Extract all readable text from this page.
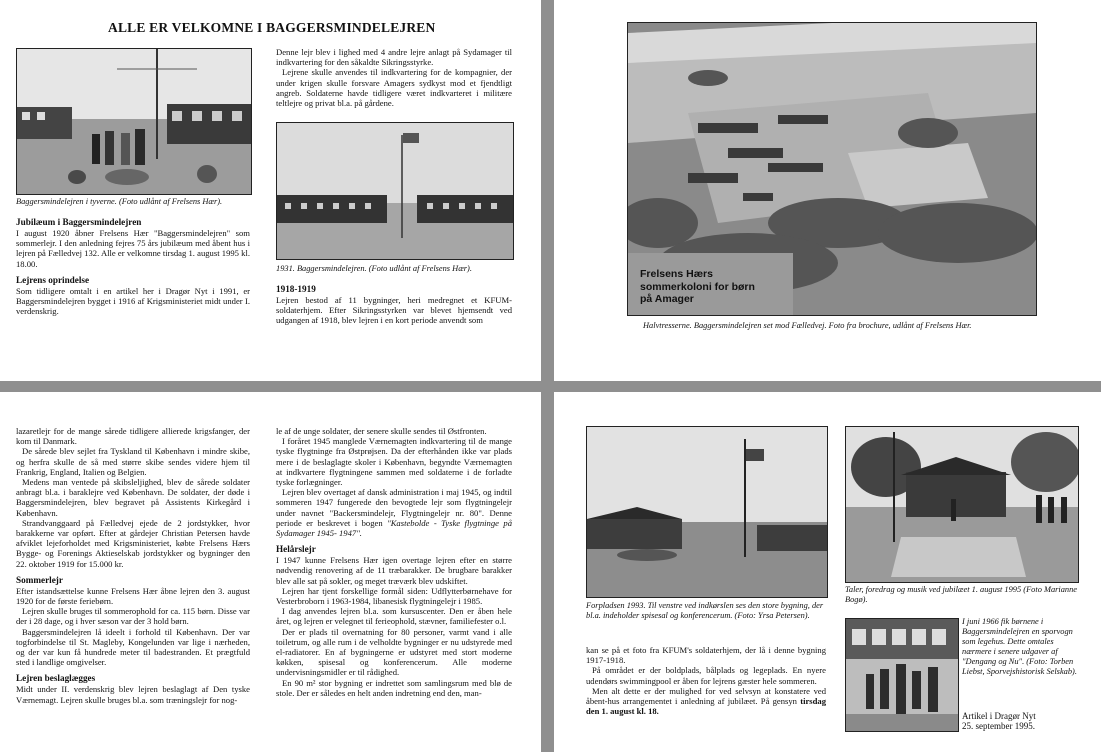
ALLE ER VELKOMNE I BAGGERSMINDELEJREN
Baggersmindelejren i tyverne. (Foto udlånt af Frelsens Hær).
Jubilæum i Baggersmindelejren

I august 1920 åbner Frelsens Hær "Baggersmindelejren" som sommerlejr. I den anledning fejres 75 års jubilæum med åbent hus i lejren på Fælledvej 132. Alle er velkomne tirsdag 1. august 1995 kl. 18.00.

Lejrens oprindelse

Som tidligere omtalt i en artikel her i Dragør Nyt i 1991, er Baggersmindelejren bygget i 1916 af Krigsministeriet midt under I. verdenskrig.

Denne lejr blev i lighed med 4 andre lejre anlagt på Sydamager til indkvartering for den såkaldte Sikringsstyrke.

Lejrene skulle anvendes til indkvartering for de kompagnier, der under krigen skulle forsvare Amagers sydkyst mod et fjendtligt angreb. Soldaterne havde tidligere været indkvarteret i militære teltlejre og privat bl.a. på gårdene.

1931. Baggersmindelejren. (Foto udlånt af Frelsens Hær).
1918-1919

Lejren bestod af 11 bygninger, heri medregnet et KFUM-soldaterhjem. Efter Sikringsstyrken var blevet hjemsendt ved udgangen af 1918, blev lejren i en kort periode anvendt som

Frelsens Hærs
sommerkoloni for børn
på Amager
Halvtresserne. Baggersmindelejren set mod Fælledvej. Foto fra brochure, udlånt af Frelsens Hær.

lazaretlejr for de mange sårede tidligere allierede krigsfanger, der kom til Danmark.

De sårede blev sejlet fra Tyskland til København i mindre skibe, og herfra skulle de så med større skibe sendes videre hjem til Frankrig, England, Italien og Belgien.

Medens man ventede på skibsleljighed, blev de sårede soldater anbragt bl.a. i baraklejre ved København. De soldater, der døde i Baggersmindelejren, blev begravet på Assistents Kirkegård i København.

Strandvanggaard på Fælledvej ejede de 2 jordstykker, hvor barakkerne var opført. Efter at gårdejer Christian Petersen havde afviklet lejeforholdet med Krigsministeriet, købte Frelsens Hærs Bygge- og Forenings Aktieselskab jordstykker og bygninger den 22. oktober 1919 for 15.000 kr.

Sommerlejr

Efter istandsættelse kunne Frelsens Hær åbne lejren den 3. august 1920 for de første feriebørn.

Lejren skulle bruges til sommerophold for ca. 115 børn. Disse var der i 28 dage, og i hver sæson var der 3 hold børn.

Baggersmindelejren lå ideelt i forhold til København. Der var togforbindelse til St. Magleby, Kongelunden var lige i nærheden, og der var kun få hundrede meter til badestranden. Et prægtfuld sted i landlige omgivelser.

Lejren beslaglægges

Midt under II. verdenskrig blev lejren beslaglagt af Den tyske Værnemagt. Lejren skulle bruges bl.a. som træningslejr for nog-

le af de unge soldater, der senere skulle sendes til Østfronten.

I foråret 1945 manglede Værnemagten indkvartering til de mange tyske flygtninge fra Østprøjsen. Da der efterhånden ikke var plads mere i de beslaglagte skoler i København, begyndte Værnemagten at indkvartere flygtningene sammen med soldaterne i de forladte tyske forlægninger.

Lejren blev overtaget af dansk administration i maj 1945, og indtil sommeren 1947 fungerede den bevogtede lejr som flygtningelejr under navnet "Backersmindelejr, Flygtningelejr nr. 80". Denne periode er beskrevet i bogen "Kastebolde - Tyske flygtninge på Sydamager 1945- 1947".

Helårslejr

I 1947 kunne Frelsens Hær igen overtage lejren efter en større nødvendig renovering af de 11 træbarakker. De brugbare barakker blev alle sat på sokler, og meget træværk blev udskiftet.

Lejren har tjent forskellige formål siden: Udflytterbørnehave for Vesterbroborn i 1963-1984, libanesisk flygtningelejr i 1985.

I dag anvendes lejren bl.a. som kursuscenter. Den er åben hele året, og lejren er velegnet til ferieophold, stævner, familiefester o.l.

Der er plads til overnatning for 80 personer, varmt vand i alle toiletrum, og alle rum i de velholdte bygninger er nu udstyrede med el-radiatorer. En af bygningerne er udstyret med stort moderne køkken, spisesal og konferencerum. Alle moderne undervisningsmidler er til rådighed.

En 90 m² stor bygning er indrettet som samlingsrum med blø de stole. Der er således en helt anden indretning end den, man-

Forpladsen 1993. Til venstre ved indkørslen ses den store bygning, der bl.a. indeholder spisesal og konferencerum. (Foto: Yrsa Petersen).
Taler, foredrag og musik ved jubilæet 1. august 1995 (Foto Marianne Bogø).
I juni 1966 fik børnene i Baggersmindelejren en sporvogn som legehus. Dette omtales nærmere i senere udgaver af "Dengang og Nu". (Foto: Torben Liebst, Sporvejshistorisk Selskab).

kan se på et foto fra KFUM's soldaterhjem, der lå i denne bygning 1917-1918.

På området er der boldplads, bålplads og legeplads. En nyere udendørs swimmingpool er åben for lejrens gæster hele sommeren.

Men alt dette er der mulighed for ved selvsyn at konstatere ved åbent-hus arrangementet i anledning af jubilæet. På gensyn tirsdag den 1. august kl. 18.	Artikel i Dragør Nyt
25. september 1995.
